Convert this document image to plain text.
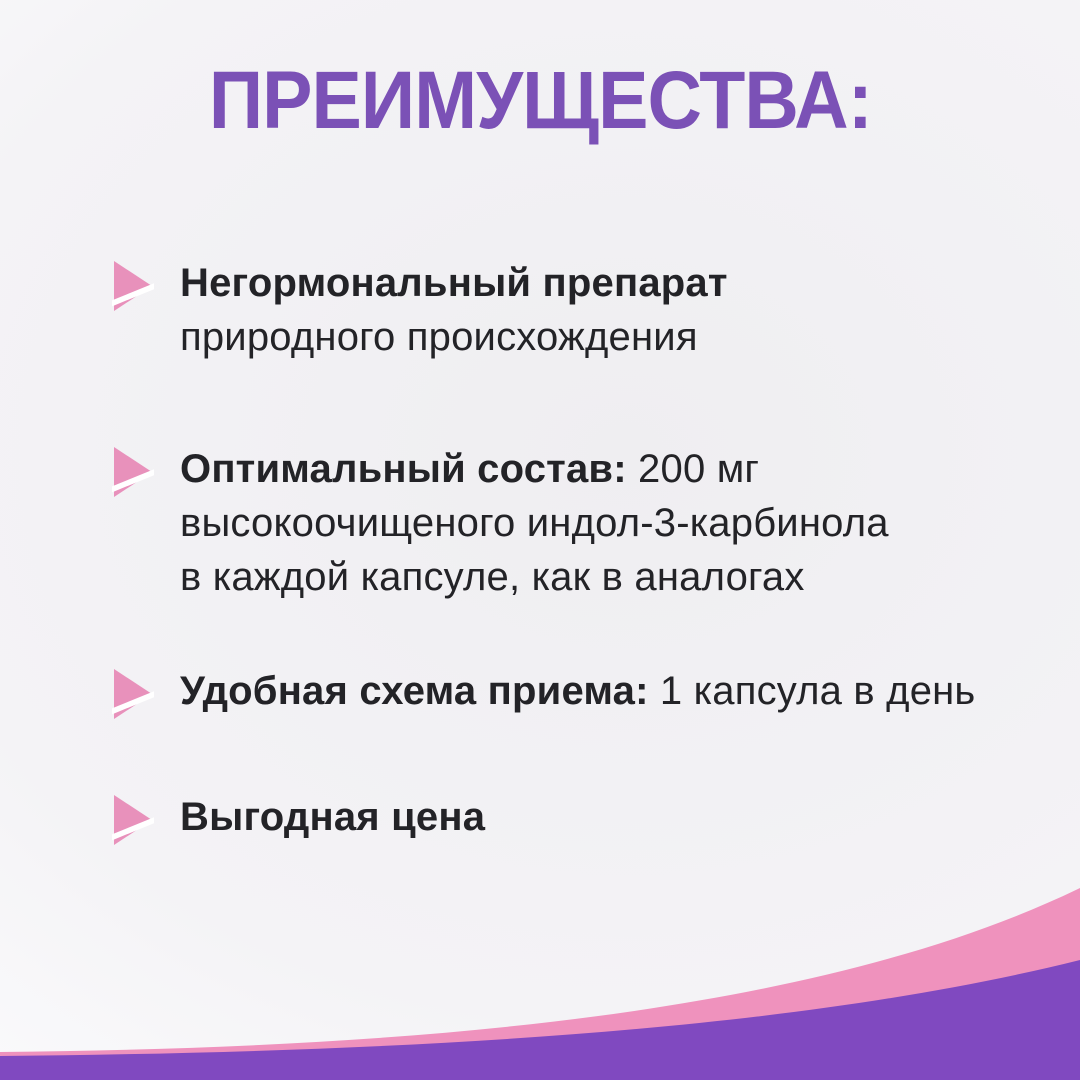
ПРЕИМУЩЕСТВА:

Негормональный препарат
природного происхождения

Оптимальный состав: 200 мг
высокоочищеного индол-3-карбинола
в каждой капсуле, как в аналогах

Удобная схема приема: 1 капсула в день

Выгодная цена
